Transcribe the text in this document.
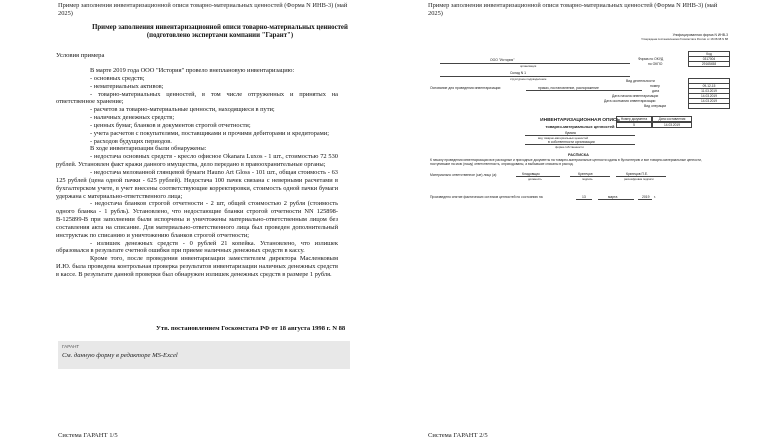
Пример заполнения инвентаризационной описи товарно-материальных ценностей (Форма N ИНВ-3) (май 2025)
Пример заполнения инвентаризационной описи товарно-материальных ценностей
(подготовлено экспертами компании "Гарант")
Условия примера
В марте 2019 года ООО "История" провело внеплановую инвентаризацию:
- основных средств;
- нематериальных активов;
- товарно-материальных ценностей, в том числе отгруженных и принятых на ответственное хранение;
- расчетов за товарно-материальные ценности, находящиеся в пути;
- наличных денежных средств;
- ценных бумаг, бланков и документов строгой отчетности;
- учета расчетов с покупателями, поставщиками и прочими дебиторами и кредиторами;
- расходов будущих периодов.
В ходе инвентаризации были обнаружены:
- недостача основных средств - кресло офисное Okanara Luxos - 1 шт., стоимостью 72 530 рублей. Установлен факт кражи данного имущества, дело передано в правоохранительные органы;
- недостача мелованной глянцевой бумаги Hauno Art Gloss - 101 шт., общая стоимость - 63 125 рублей (цена одной пачки - 625 рублей). Недостача 100 пачек связана с неверными расчетами в бухгалтерском учете, в учет внесены соответствующие корректировки, стоимость одной пачки бумаги удержана с материально-ответственного лица;
- недостача бланков строгой отчетности - 2 шт, общей стоимостью 2 рубля (стоимость одного бланка - 1 рубль). Установлено, что недостающие бланки строгой отчетности NN 125898-В-125899-В при заполнении были испорчены и уничтожены материально-ответственным лицом без составления акта на списание. Для материально-ответственного лица был проведен дополнительный инструктаж по списанию и уничтожению бланков строгой отчетности;
- излишек денежных средств - 0 рублей 21 копейка. Установлено, что излишек образовался в результате счетной ошибки при приеме наличных денежных средств в кассу.
Кроме того, после проведения инвентаризации заместителем директора Масленковым И.Ю. была проведена контрольная проверка результатов инвентаризации наличных денежных средств в кассе. В результате данной проверки был обнаружен излишек денежных средств в размере 1 рубля.
Утв. постановлением Госкомстата РФ от 18 августа 1998 г. N 88
ГАРАНТ
См. данную форму в редакторе MS-Excel
Система ГАРАНТ 1/5
Пример заполнения инвентаризационной описи товарно-материальных ценностей (Форма N ИНВ-3) (май 2025)
Унифицированная форма N ИНВ-3
Утверждена постановлением Госкомстата России от 18.08.98 N 88
Код
Форма по ОКУД	0317004
по ОКПО	29165458
ООО "История"
организация
Склад N 1
структурное подразделение	Вид деятельности
Основание для проведения инвентаризации:	приказ, постановление, распоряжение	номер	09-12-15
дата	11.03.2019
Дата начала инвентаризации	14.03.2019
Дата окончания инвентаризации	14.03.2019
Вид операции
Номер документа	Дата составления
5	14.03.2019
ИНВЕНТАРИЗАЦИОННАЯ ОПИСЬ
товарно-материальных ценностей
бумага
вид товарно-материальных ценностей
в собственности организации
форма собственности
РАСПИСКА
К началу проведения инвентаризации все расходные и приходные документы на товарно-материальные ценности сданы в бухгалтерию и все товарно-материальные ценности, поступившие на мою (нашу) ответственность, оприходованы, а выбывшие списаны в расход.
Материально ответственное (ые) лицо (а):	Кладовщик	Кузнецов	Кузнецов П.Е.
должность	подпись	расшифровка подписи
Произведено снятие фактических остатков ценностей по состоянию на	13	марта	2019 г.
Система ГАРАНТ 2/5
